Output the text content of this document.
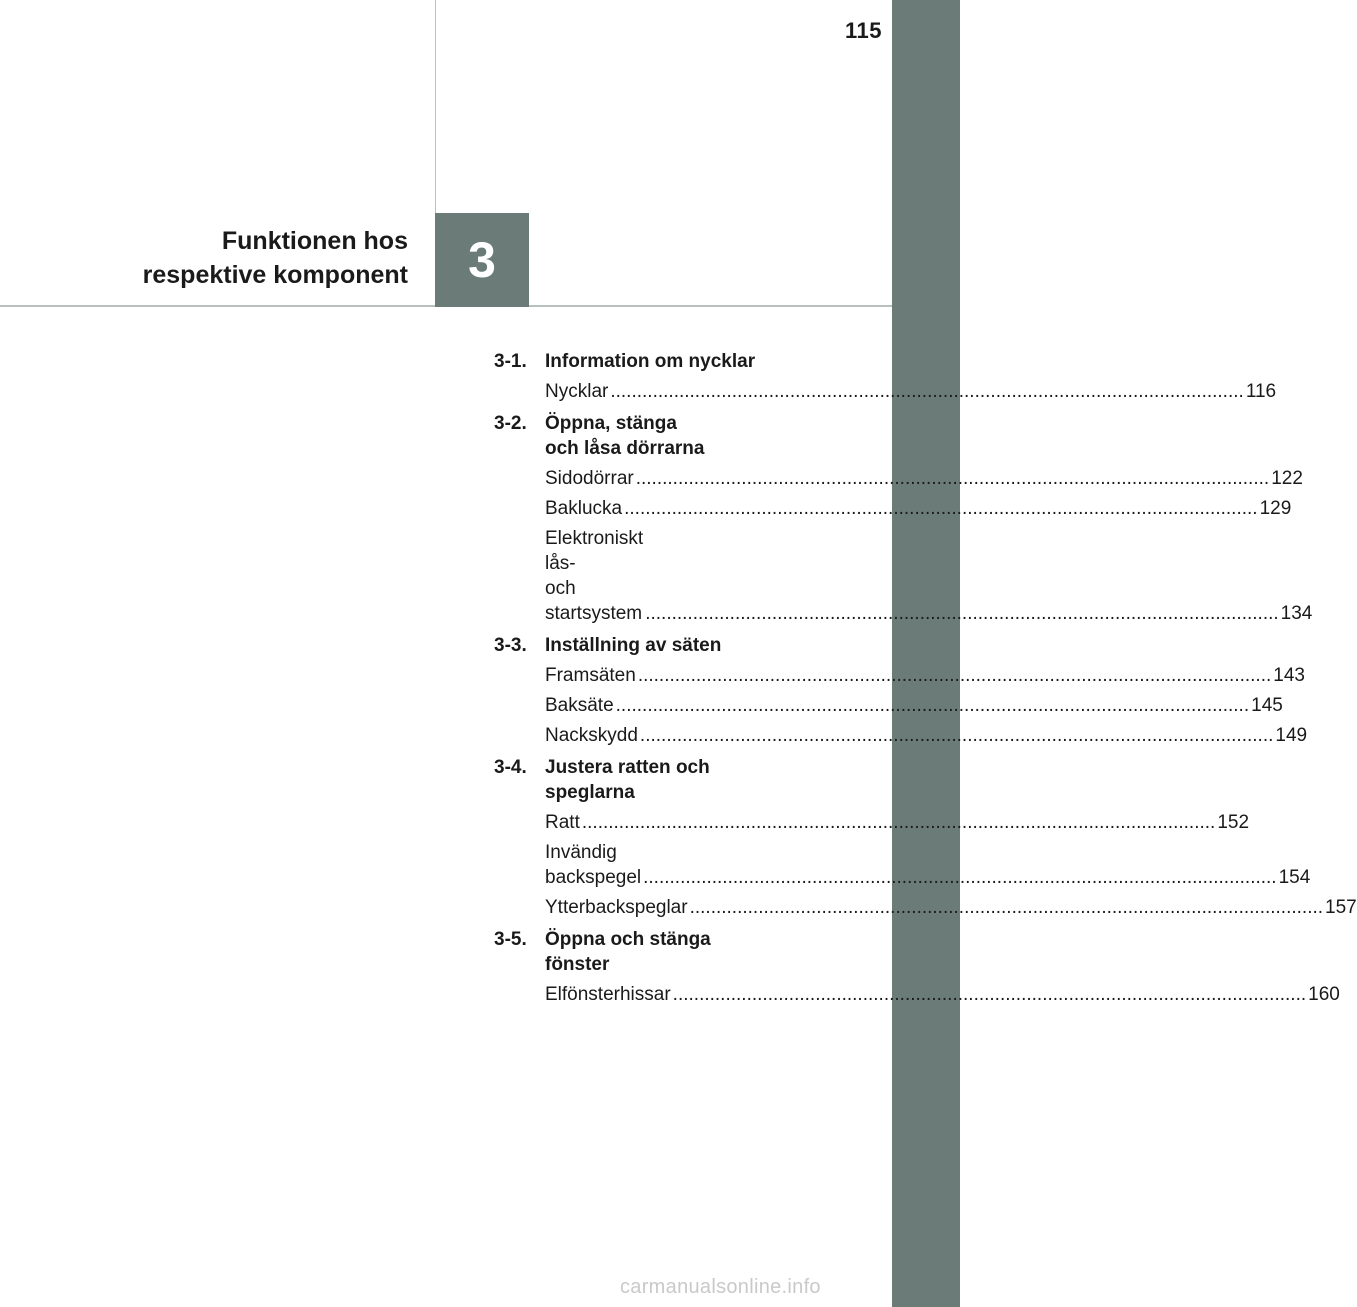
115
3
Funktionen hos
respektive komponent
3-1. Information om nycklar
Nycklar ........................................................................................................................ 116
3-2. Öppna, stänga
och låsa dörrarna
Sidodörrar ........................................................................................................................ 122
Baklucka ........................................................................................................................ 129
Elektroniskt lås-
och startsystem ........................................................................................................................ 134
3-3. Inställning av säten
Framsäten ........................................................................................................................ 143
Baksäte ........................................................................................................................ 145
Nackskydd ........................................................................................................................ 149
3-4. Justera ratten och
speglarna
Ratt ........................................................................................................................ 152
Invändig backspegel ........................................................................................................................ 154
Ytterbackspeglar ........................................................................................................................ 157
3-5. Öppna och stänga
fönster
Elfönsterhissar ........................................................................................................................ 160
carmanualsonline.info
